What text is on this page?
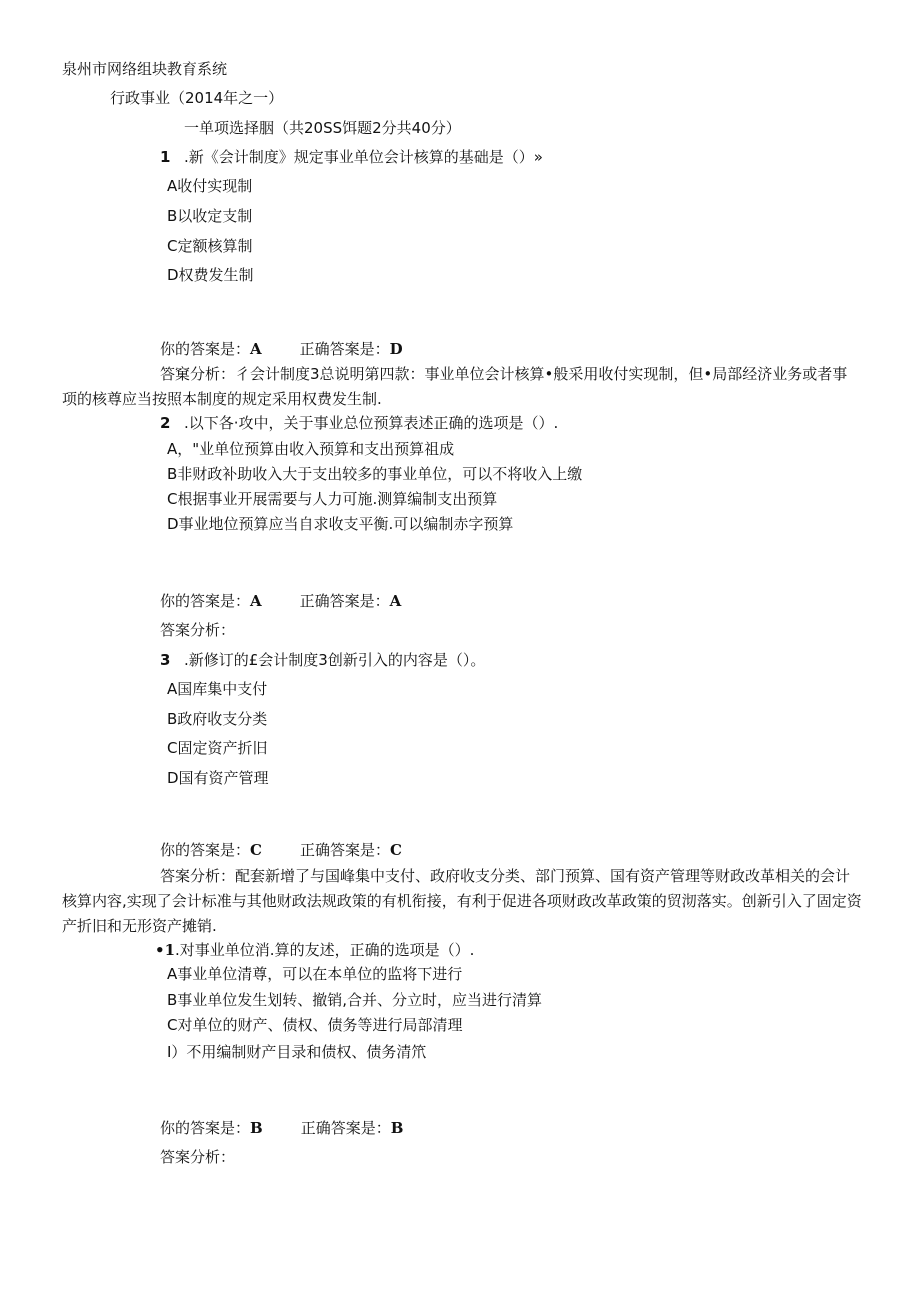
泉州市网络组块教育系统
行政事业（2014年之一）
一单项选择胭（共20SS饵题2分共40分）
1 .新《会计制度》规定事业单位会计核算的基础是（）»
A收付实现制
B以收定支制
C定额核算制
D权费发生制
你的答案是：A	正确答案是：D
答窠分析：彳会计制度3总说明第四款：事业单位会计核算•般采用收付实现制，但•局部经济业务或者事项的核尊应当按照本制度的规定采用权费发生制.
2 .以下各·攻中，关于事业总位预算表述正确的选项是（）.
A，"业单位预算由收入预算和支出预算祖成
B非财政补助收入大于支出较多的事业单位，可以不将收入上缴
C根据事业开展需要与人力可施.测算编制支出预算
D事业地位预算应当自求收支平衡.可以编制赤字预算
你的答案是：A	正确答案是：A
答案分析：
3 .新修订的£会计制度3创新引入的内容是（）。
A国库集中支付
B政府收支分类
C固定资产折旧
D国有资产管理
你的答案是：C	正确答案是：C
答案分析：配套新增了与国峰集中支付、政府收支分类、部门预算、国有资产管理等财政改革相关的会计核算内容,实现了会计标准与其他财政法规政策的有机衔接，有利于促进各项财政改革政策的贸沏落实。创新引入了固定资产折旧和无形资产摊销.
•1.对事业单位消.算的友述，正确的选项是（）.
A事业单位清尊，可以在本单位的监将下进行
B事业单位发生划转、撤销,合并、分立时，应当进行清算
C对单位的财产、债权、债务等进行局部清理
I）不用编制财产目录和债权、债务清笊
你的答案是：B	正确答案是：B
答案分析：
